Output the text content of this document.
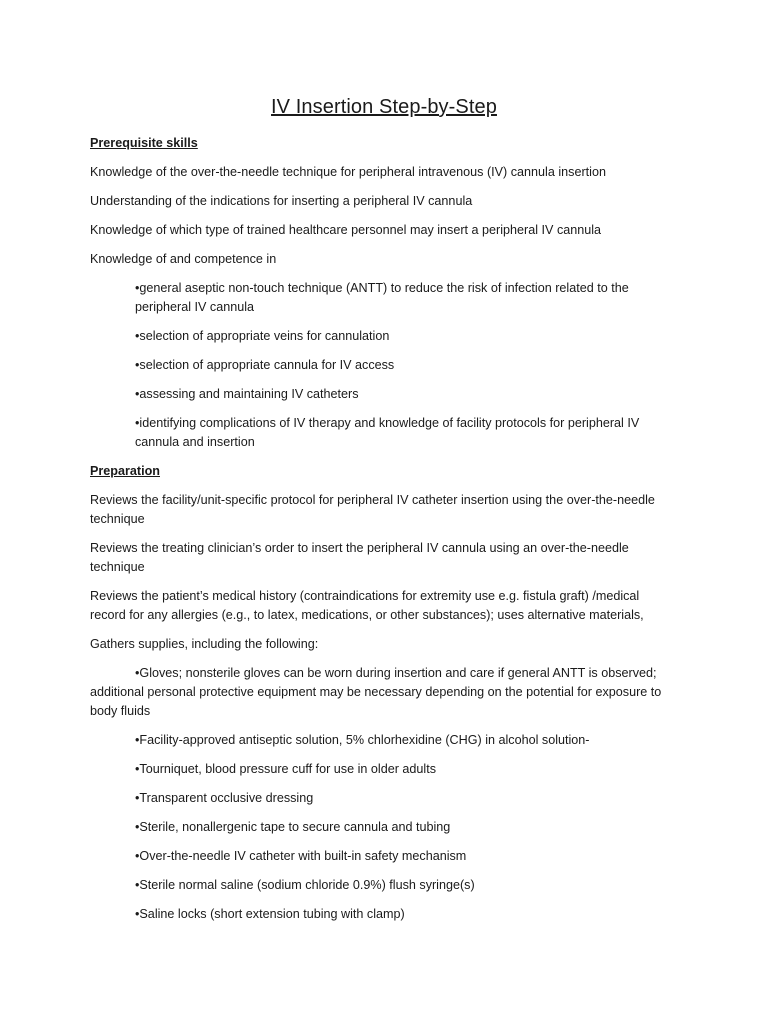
IV Insertion Step-by-Step

Prerequisite skills

Knowledge of the over-the-needle technique for peripheral intravenous (IV) cannula insertion

Understanding of the indications for inserting a peripheral IV cannula

Knowledge of which type of trained healthcare personnel may insert a peripheral IV cannula

Knowledge of and competence in

•general aseptic non-touch technique (ANTT) to reduce the risk of infection related to the

peripheral IV cannula

•selection of appropriate veins for cannulation

•selection of appropriate cannula for IV access

•assessing and maintaining IV catheters

•identifying complications of IV therapy and knowledge of facility protocols for peripheral IV

cannula and insertion

Preparation

Reviews the facility/unit-specific protocol for peripheral IV catheter insertion using the over-the-needle

technique

Reviews the treating clinician’s order to insert the peripheral IV cannula using an over-the-needle

technique

Reviews the patient’s medical history (contraindications for extremity use e.g. fistula graft) /medical

record for any allergies (e.g., to latex, medications, or other substances); uses alternative materials,

Gathers supplies, including the following:

•Gloves; nonsterile gloves can be worn during insertion and care if general ANTT is observed;

additional personal protective equipment may be necessary depending on the potential for exposure to

body fluids

•Facility-approved antiseptic solution, 5% chlorhexidine (CHG) in alcohol solution-

•Tourniquet, blood pressure cuff for use in older adults

•Transparent occlusive dressing

•Sterile, nonallergenic tape to secure cannula and tubing

•Over-the-needle IV catheter with built-in safety mechanism

•Sterile normal saline (sodium chloride 0.9%) flush syringe(s)

•Saline locks (short extension tubing with clamp)
